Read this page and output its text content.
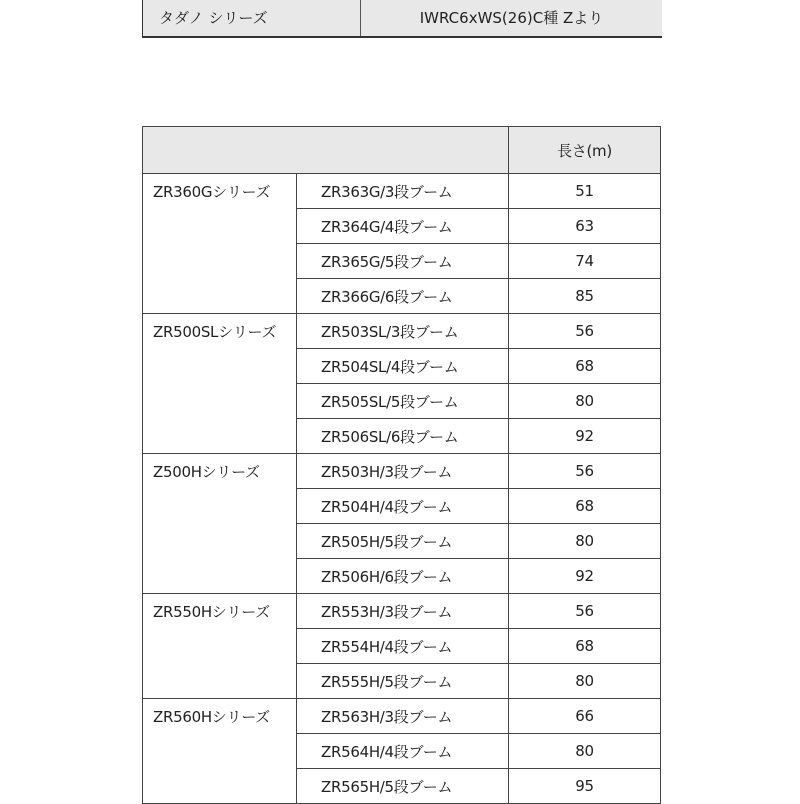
タダノ シリーズ	IWRC6xWS(26)C種 Zより
		長さ(m)
ZR360Gシリーズ	ZR363G/3段ブーム	51
	ZR364G/4段ブーム	63
	ZR365G/5段ブーム	74
	ZR366G/6段ブーム	85
ZR500SLシリーズ	ZR503SL/3段ブーム	56
	ZR504SL/4段ブーム	68
	ZR505SL/5段ブーム	80
	ZR506SL/6段ブーム	92
Z500Hシリーズ	ZR503H/3段ブーム	56
	ZR504H/4段ブーム	68
	ZR505H/5段ブーム	80
	ZR506H/6段ブーム	92
ZR550Hシリーズ	ZR553H/3段ブーム	56
	ZR554H/4段ブーム	68
	ZR555H/5段ブーム	80
ZR560Hシリーズ	ZR563H/3段ブーム	66
	ZR564H/4段ブーム	80
	ZR565H/5段ブーム	95
